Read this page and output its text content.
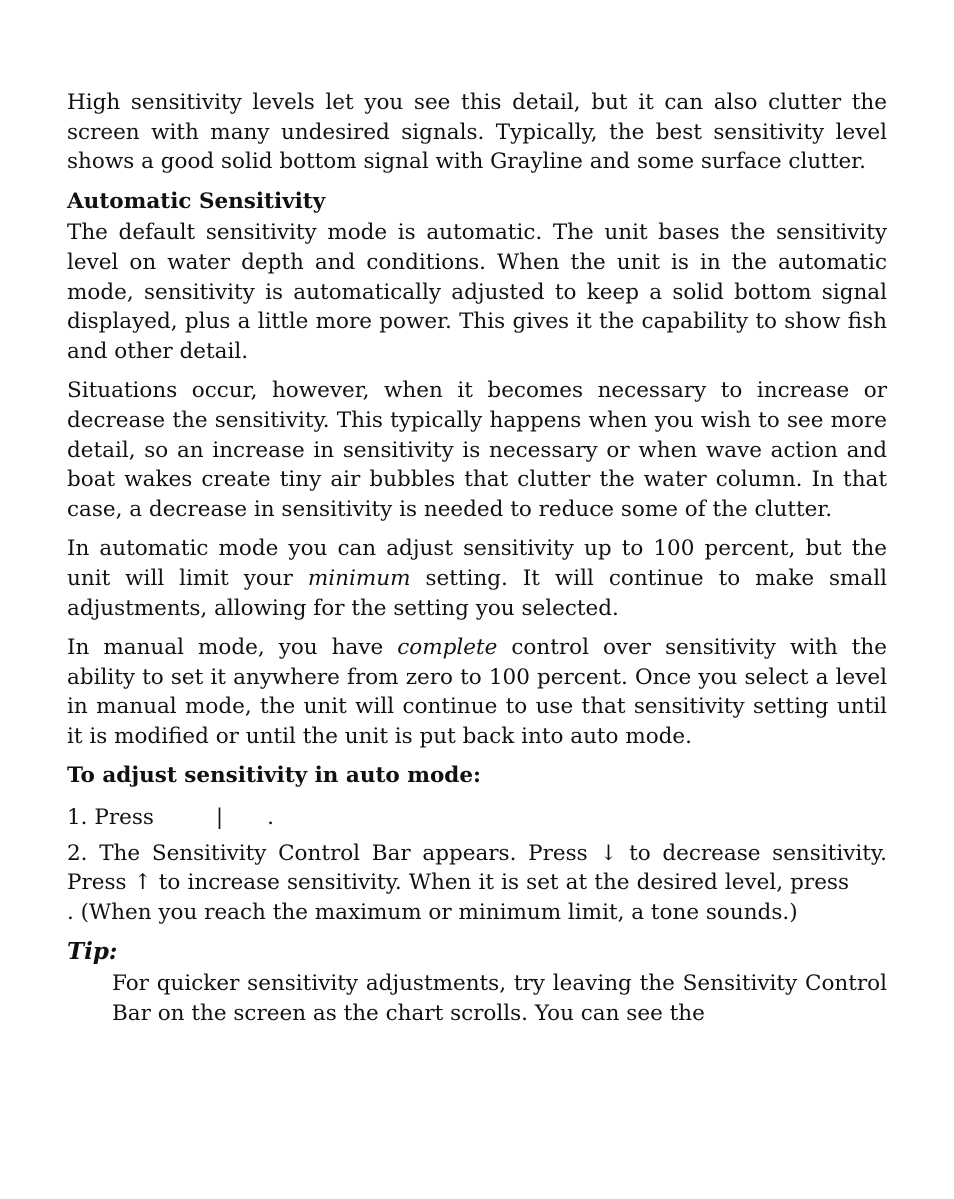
High sensitivity levels let you see this detail, but it can also clutter the screen with many undesired signals. Typically, the best sensitivity level shows a good solid bottom signal with Grayline and some surface clutter.

Automatic Sensitivity

The default sensitivity mode is automatic. The unit bases the sensitivity level on water depth and conditions. When the unit is in the automatic mode, sensitivity is automatically adjusted to keep a solid bottom signal displayed, plus a little more power. This gives it the capability to show fish and other detail.

Situations occur, however, when it becomes necessary to increase or decrease the sensitivity. This typically happens when you wish to see more detail, so an increase in sensitivity is necessary or when wave action and boat wakes create tiny air bubbles that clutter the water column. In that case, a decrease in sensitivity is needed to reduce some of the clutter.

In automatic mode you can adjust sensitivity up to 100 percent, but the unit will limit your minimum setting. It will continue to make small adjustments, allowing for the setting you selected.

In manual mode, you have complete control over sensitivity with the ability to set it anywhere from zero to 100 percent. Once you select a level in manual mode, the unit will continue to use that sensitivity setting until it is modified or until the unit is put back into auto mode.

To adjust sensitivity in auto mode:

1. Press	| .

2. The Sensitivity Control Bar appears. Press ↓ to decrease sensitivity. Press ↑ to increase sensitivity. When it is set at the desired level, press. (When you reach the maximum or minimum limit, a tone sounds.)

Tip:

For quicker sensitivity adjustments, try leaving the Sensitivity Control Bar on the screen as the chart scrolls. You can see the
